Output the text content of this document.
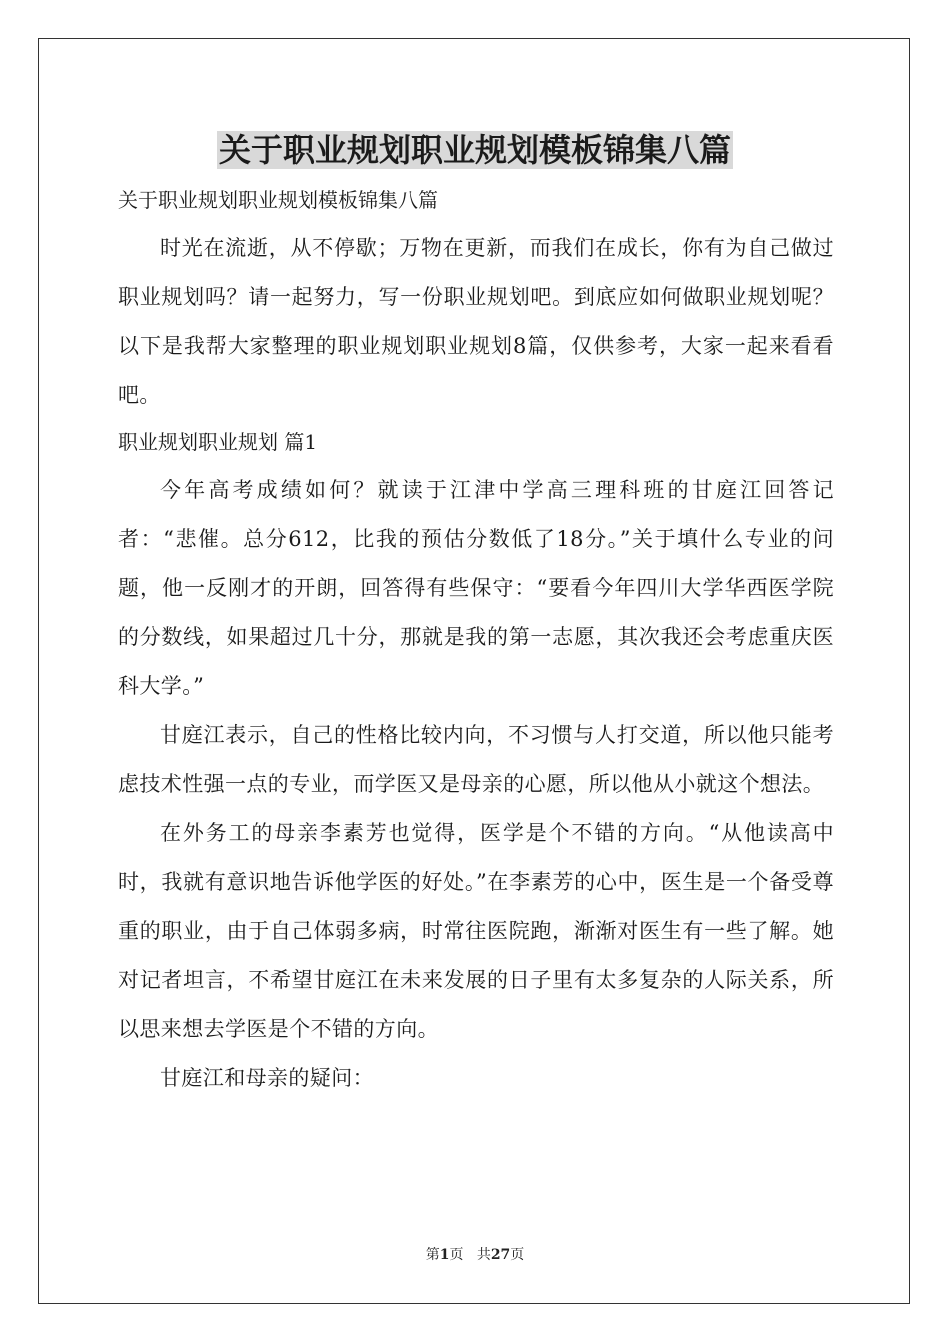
关于职业规划职业规划模板锦集八篇
关于职业规划职业规划模板锦集八篇

时光在流逝，从不停歇；万物在更新，而我们在成长，你有为自己做过职业规划吗？请一起努力，写一份职业规划吧。到底应如何做职业规划呢？以下是我帮大家整理的职业规划职业规划8篇，仅供参考，大家一起来看看吧。

职业规划职业规划 篇1

今年高考成绩如何？就读于江津中学高三理科班的甘庭江回答记者：“悲催。总分612，比我的预估分数低了18分。”关于填什么专业的问题，他一反刚才的开朗，回答得有些保守：“要看今年四川大学华西医学院的分数线，如果超过几十分，那就是我的第一志愿，其次我还会考虑重庆医科大学。”

甘庭江表示，自己的性格比较内向，不习惯与人打交道，所以他只能考虑技术性强一点的专业，而学医又是母亲的心愿，所以他从小就这个想法。

在外务工的母亲李素芳也觉得，医学是个不错的方向。“从他读高中时，我就有意识地告诉他学医的好处。”在李素芳的心中，医生是一个备受尊重的职业，由于自己体弱多病，时常往医院跑，渐渐对医生有一些了解。她对记者坦言，不希望甘庭江在未来发展的日子里有太多复杂的人际关系，所以思来想去学医是个不错的方向。

甘庭江和母亲的疑问：

第1页 共27页
